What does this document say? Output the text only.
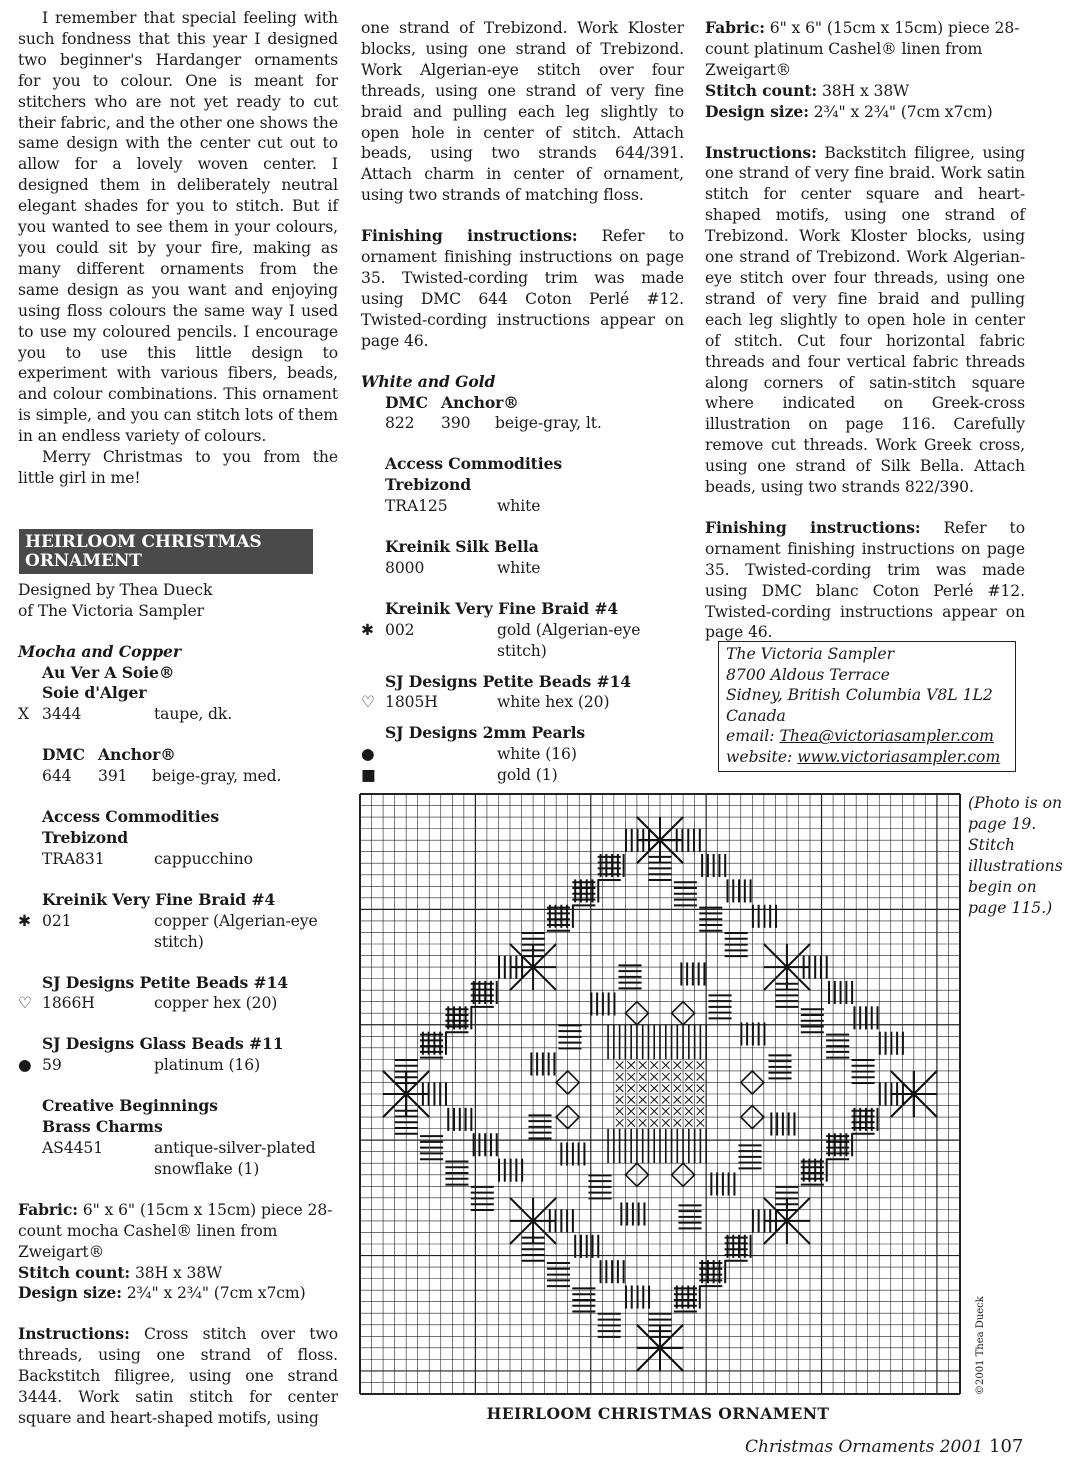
I remember that special feeling with such fondness that this year I designed two beginner's Hardanger ornaments for you to colour. One is meant for stitchers who are not yet ready to cut their fabric, and the other one shows the same design with the center cut out to allow for a lovely woven center. I designed them in deliberately neutral elegant shades for you to stitch. But if you wanted to see them in your colours, you could sit by your fire, making as many different ornaments from the same design as you want and enjoying using floss colours the same way I used to use my coloured pencils. I encourage you to use this little design to experiment with various fibers, beads, and colour combinations. This ornament is simple, and you can stitch lots of them in an endless variety of colours.

Merry Christmas to you from the little girl in me!

HEIRLOOM CHRISTMAS
ORNAMENT
Designed by Thea Dueck
of The Victoria Sampler
Mocha and Copper
Au Ver A Soie®
Soie d'Alger
X 3444	taupe, dk.
DMC Anchor®
644	391	beige-gray, med.
Access Commodities
Trebizond
TRA831	cappucchino
Kreinik Very Fine Braid #4
✱ 021	copper (Algerian-eye
stitch)
SJ Designs Petite Beads #14
♡ 1866H	copper hex (20)
SJ Designs Glass Beads #11
● 59	platinum (16)
Creative Beginnings
Brass Charms
AS4451	antique-silver-plated
snowflake (1)

Fabric: 6" x 6" (15cm x 15cm) piece 28-count mocha Cashel® linen from Zweigart®

Stitch count: 38H x 38W

Design size: 2¾" x 2¾" (7cm x7cm)

Instructions: Cross stitch over two threads, using one strand of floss. Backstitch filigree, using one strand 3444. Work satin stitch for center square and heart-shaped motifs, using

one strand of Trebizond. Work Kloster blocks, using one strand of Trebizond. Work Algerian-eye stitch over four threads, using one strand of very fine braid and pulling each leg slightly to open hole in center of stitch. Attach beads, using two strands 644/391. Attach charm in center of ornament, using two strands of matching floss.

Finishing instructions: Refer to ornament finishing instructions on page 35. Twisted-cording trim was made using DMC 644 Coton Perlé #12. Twisted-cording instructions appear on page 46.

White and Gold
DMC Anchor®
822	390	beige-gray, lt.
Access Commodities
Trebizond
TRA125	white
Kreinik Silk Bella
8000	white
Kreinik Very Fine Braid #4
✱ 002	gold (Algerian-eye
stitch)
SJ Designs Petite Beads #14
♡ 1805H	white hex (20)
SJ Designs 2mm Pearls
●	white (16)
■	gold (1)

Fabric: 6" x 6" (15cm x 15cm) piece 28-count platinum Cashel® linen from Zweigart®

Stitch count: 38H x 38W

Design size: 2¾" x 2¾" (7cm x7cm)

Instructions: Backstitch filigree, using one strand of very fine braid. Work satin stitch for center square and heart-shaped motifs, using one strand of Trebizond. Work Kloster blocks, using one strand of Trebizond. Work Algerian-eye stitch over four threads, using one strand of very fine braid and pulling each leg slightly to open hole in center of stitch. Cut four horizontal fabric threads and four vertical fabric threads along corners of satin-stitch square where indicated on Greek-cross illustration on page 116. Carefully remove cut threads. Work Greek cross, using one strand of Silk Bella. Attach beads, using two strands 822/390.

Finishing instructions: Refer to ornament finishing instructions on page 35. Twisted-cording trim was made using DMC blanc Coton Perlé #12. Twisted-cording instructions appear on page 46.

The Victoria Sampler
8700 Aldous Terrace
Sidney, British Columbia V8L 1L2
Canada
email: Thea@victoriasampler.com
website: www.victoriasampler.com
HEIRLOOM CHRISTMAS ORNAMENT
(Photo is on page 19. Stitch illustrations begin on page 115.)
©2001 Thea Dueck
Christmas Ornaments 2001 107
